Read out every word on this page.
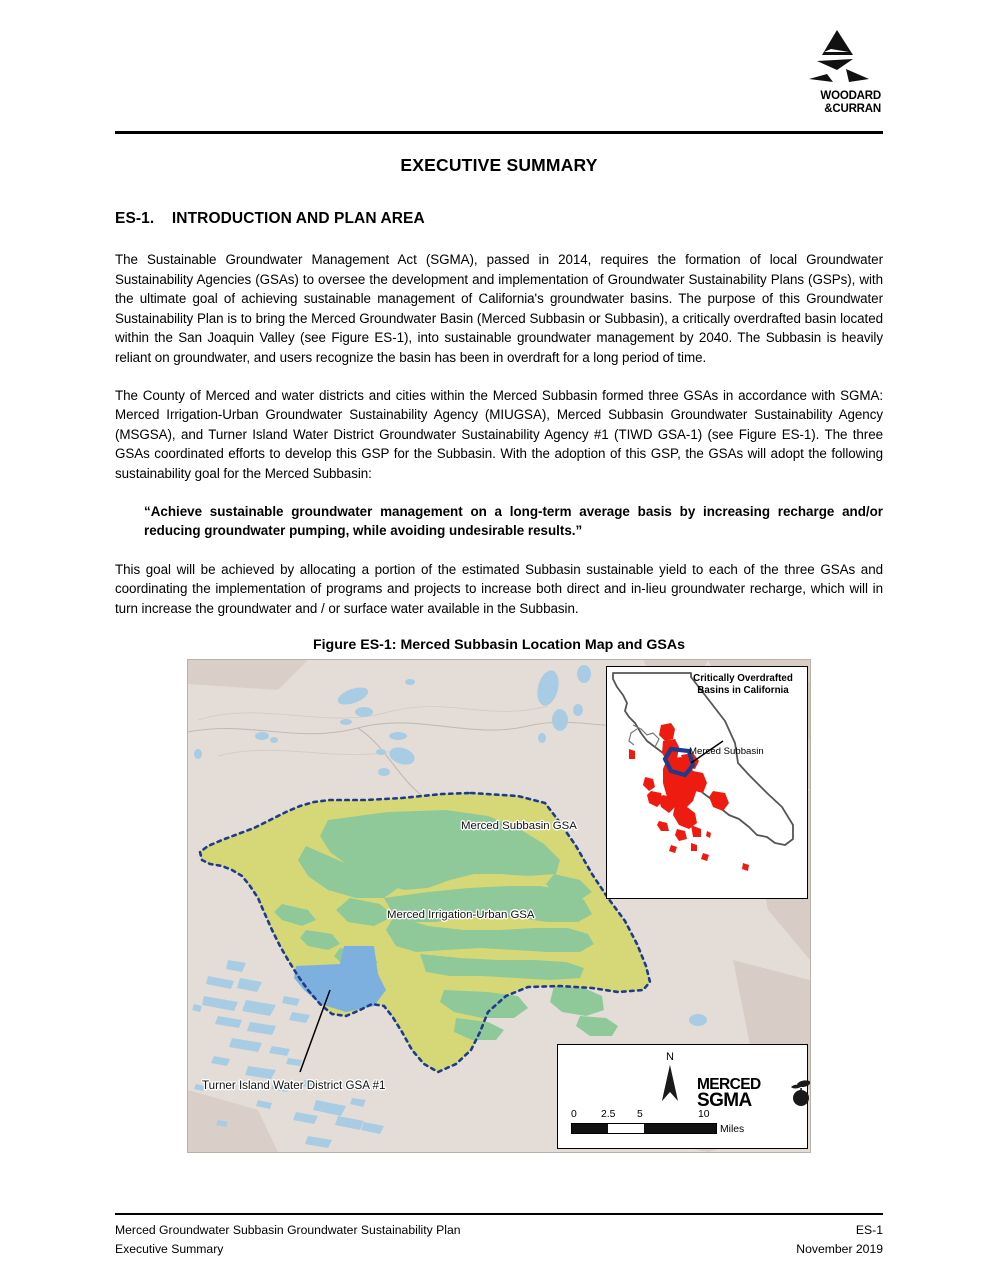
WOODARD
&CURRAN
EXECUTIVE SUMMARY
ES-1.    INTRODUCTION AND PLAN AREA

The Sustainable Groundwater Management Act (SGMA), passed in 2014, requires the formation of local Groundwater Sustainability Agencies (GSAs) to oversee the development and implementation of Groundwater Sustainability Plans (GSPs), with the ultimate goal of achieving sustainable management of California's groundwater basins. The purpose of this Groundwater Sustainability Plan is to bring the Merced Groundwater Basin (Merced Subbasin or Subbasin), a critically overdrafted basin located within the San Joaquin Valley (see Figure ES-1), into sustainable groundwater management by 2040. The Subbasin is heavily reliant on groundwater, and users recognize the basin has been in overdraft for a long period of time.

The County of Merced and water districts and cities within the Merced Subbasin formed three GSAs in accordance with SGMA: Merced Irrigation-Urban Groundwater Sustainability Agency (MIUGSA), Merced Subbasin Groundwater Sustainability Agency (MSGSA), and Turner Island Water District Groundwater Sustainability Agency #1 (TIWD GSA-1) (see Figure ES-1). The three GSAs coordinated efforts to develop this GSP for the Subbasin. With the adoption of this GSP, the GSAs will adopt the following sustainability goal for the Merced Subbasin:

“Achieve sustainable groundwater management on a long-term average basis by increasing recharge and/or reducing groundwater pumping, while avoiding undesirable results.”

This goal will be achieved by allocating a portion of the estimated Subbasin sustainable yield to each of the three GSAs and coordinating the implementation of programs and projects to increase both direct and in-lieu groundwater recharge, which will in turn increase the groundwater and / or surface water available in the Subbasin.

Figure ES-1: Merced Subbasin Location Map and GSAs
Merced Subbasin GSA
Merced Irrigation-Urban GSA
Turner Island Water District GSA #1
Critically Overdrafted
Basins in California
Merced Subbasin
N
0 2.5 5	10
Miles
MERCED
SGMA
Merced Groundwater Subbasin Groundwater Sustainability Plan	ES-1
Executive Summary	November 2019
